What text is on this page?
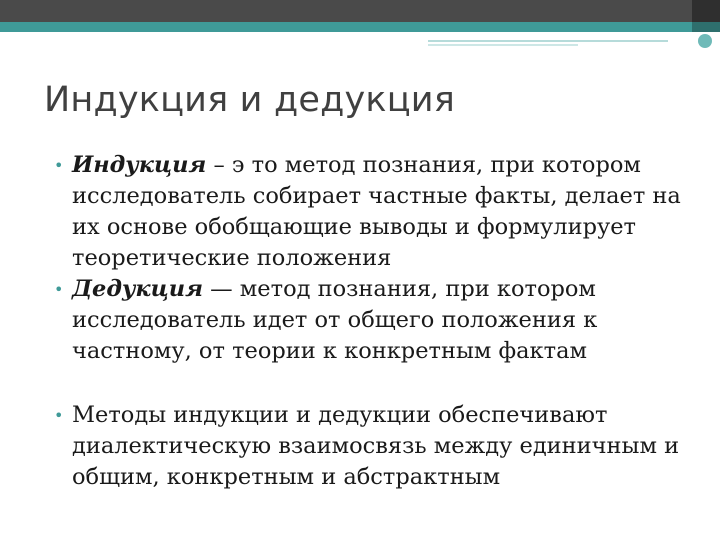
Индукция и дедукция
• Индукция – э то метод познания, при котором исследователь собирает частные факты, делает на их основе обобщающие выводы и формулирует теоретические положения
• Дедукция — метод познания, при котором исследователь идет от общего положения к частному, от теории к конкретным фактам
• Методы индукции и дедукции обеспечивают диалектическую взаимосвязь между единичным и общим, конкретным и абстрактным
